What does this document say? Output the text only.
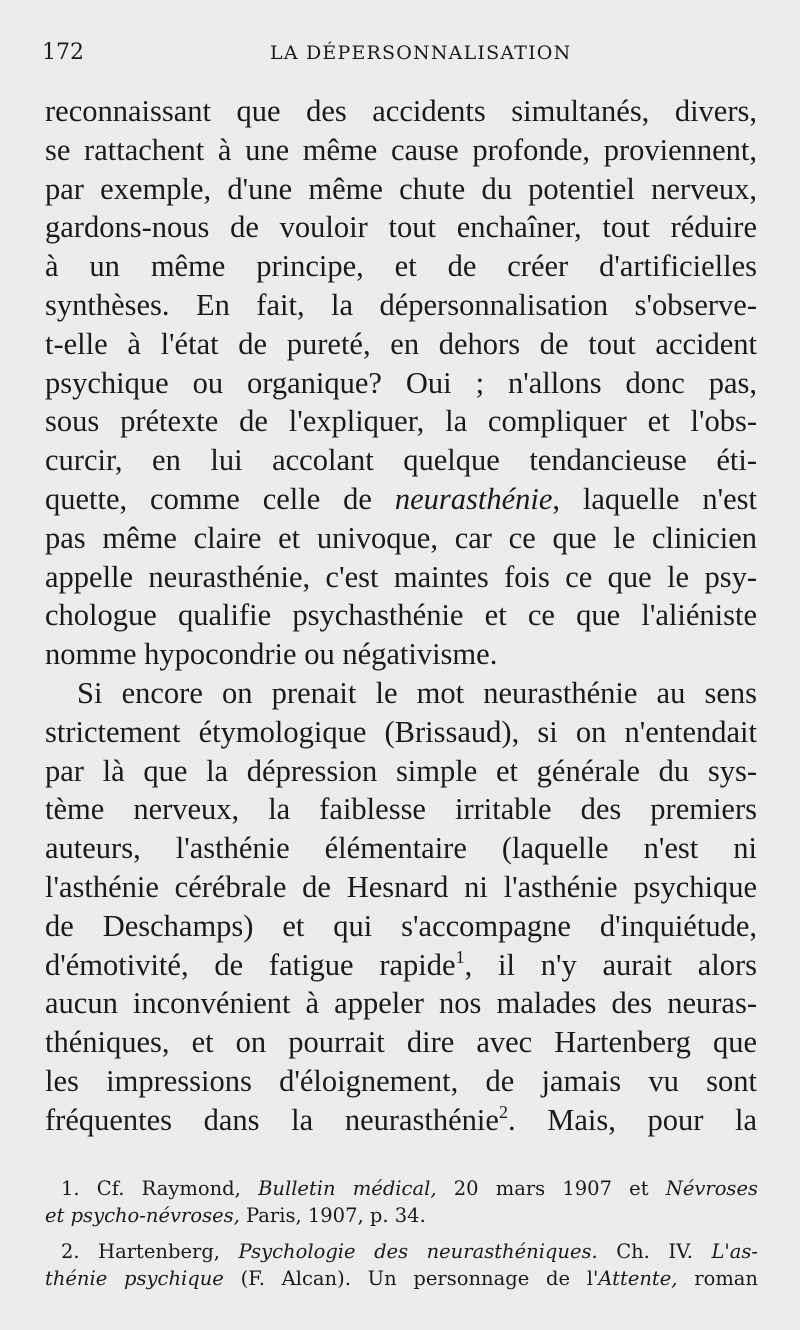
172	LA DÉPERSONNALISATION
reconnaissant que des accidents simultanés, divers,
se rattachent à une même cause profonde, proviennent,
par exemple, d'une même chute du potentiel nerveux,
gardons-nous de vouloir tout enchaîner, tout réduire
à un même principe, et de créer d'artificielles
synthèses. En fait, la dépersonnalisation s'observe-
t-elle à l'état de pureté, en dehors de tout accident
psychique ou organique? Oui ; n'allons donc pas,
sous prétexte de l'expliquer, la compliquer et l'obs-
curcir, en lui accolant quelque tendancieuse éti-
quette, comme celle de neurasthénie, laquelle n'est
pas même claire et univoque, car ce que le clinicien
appelle neurasthénie, c'est maintes fois ce que le psy-
chologue qualifie psychasthénie et ce que l'aliéniste
nomme hypocondrie ou négativisme.
Si encore on prenait le mot neurasthénie au sens
strictement étymologique (Brissaud), si on n'entendait
par là que la dépression simple et générale du sys-
tème nerveux, la faiblesse irritable des premiers
auteurs, l'asthénie élémentaire (laquelle n'est ni
l'asthénie cérébrale de Hesnard ni l'asthénie psychique
de Deschamps) et qui s'accompagne d'inquiétude,
d'émotivité, de fatigue rapide$^1$, il n'y aurait alors
aucun inconvénient à appeler nos malades des neuras-
théniques, et on pourrait dire avec Hartenberg que
les impressions d'éloignement, de jamais vu sont
fréquentes dans la neurasthénie$^2$. Mais, pour la
1. Cf. Raymond, Bulletin médical, 20 mars 1907 et Névroses
et psycho-névroses, Paris, 1907, p. 34.
2. Hartenberg, Psychologie des neurasthéniques. Ch. IV. L'as-
thénie psychique (F. Alcan). Un personnage de l'Attente, roman
